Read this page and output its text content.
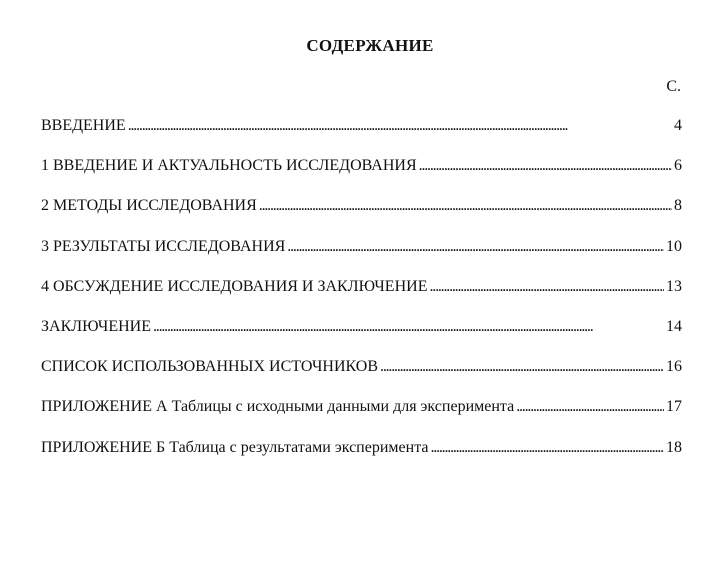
СОДЕРЖАНИЕ
С.
ВВЕДЕНИЕ . . .	4
1 ВВЕДЕНИЕ И АКТУАЛЬНОСТЬ ИССЛЕДОВАНИЯ . . .	6
2 МЕТОДЫ ИССЛЕДОВАНИЯ . . .	8
3 РЕЗУЛЬТАТЫ ИССЛЕДОВАНИЯ . . .	10
4 ОБСУЖДЕНИЕ ИССЛЕДОВАНИЯ И ЗАКЛЮЧЕНИЕ . . .	13
ЗАКЛЮЧЕНИЕ . . .	14
СПИСОК ИСПОЛЬЗОВАННЫХ ИСТОЧНИКОВ . . .	16
ПРИЛОЖЕНИЕ А Таблицы с исходными данными для эксперимента . . .	17
ПРИЛОЖЕНИЕ Б Таблица с результатами эксперимента . . .	18
